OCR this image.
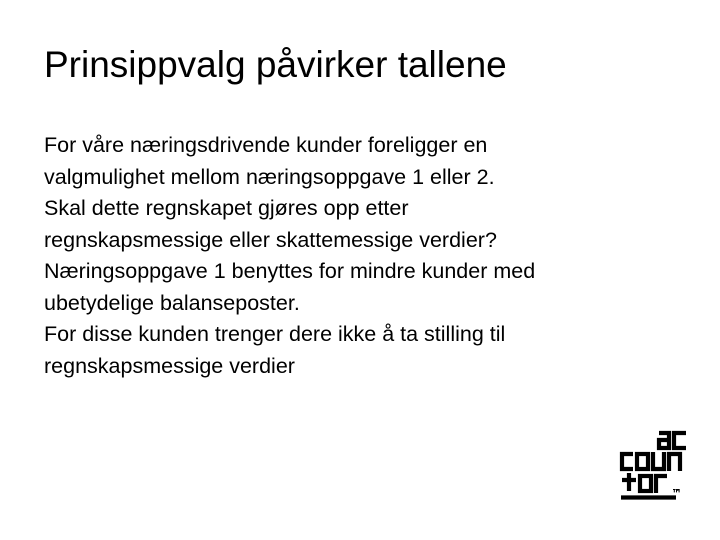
Prinsippvalg påvirker tallene
For våre næringsdrivende kunder foreligger en
valgmulighet mellom næringsoppgave 1 eller 2.
Skal dette regnskapet gjøres opp etter
regnskapsmessige eller skattemessige verdier?
Næringsoppgave 1 benyttes for mindre kunder med
ubetydelige balanseposter.
For disse kunden trenger dere ikke å ta stilling til
regnskapsmessige verdier
